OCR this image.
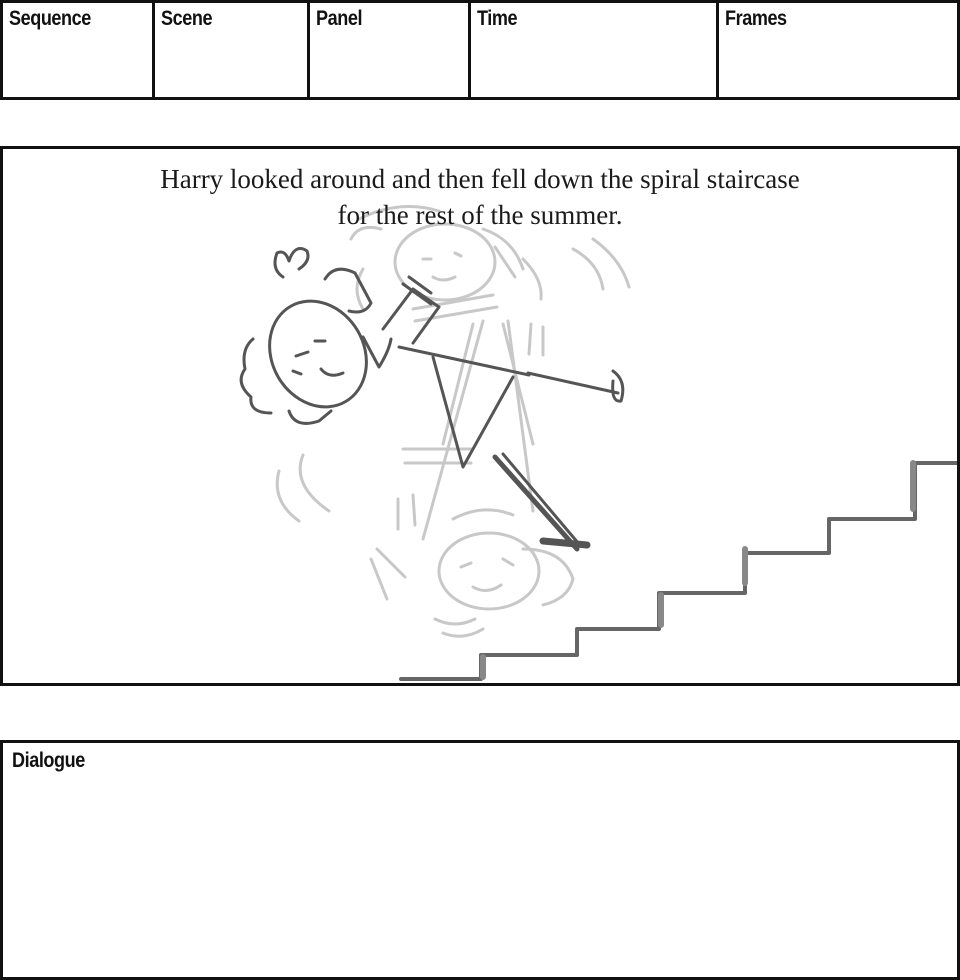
Sequence	Scene	Panel	Time	Frames
Harry looked around and then fell down the spiral staircase
for the rest of the summer.
Dialogue
